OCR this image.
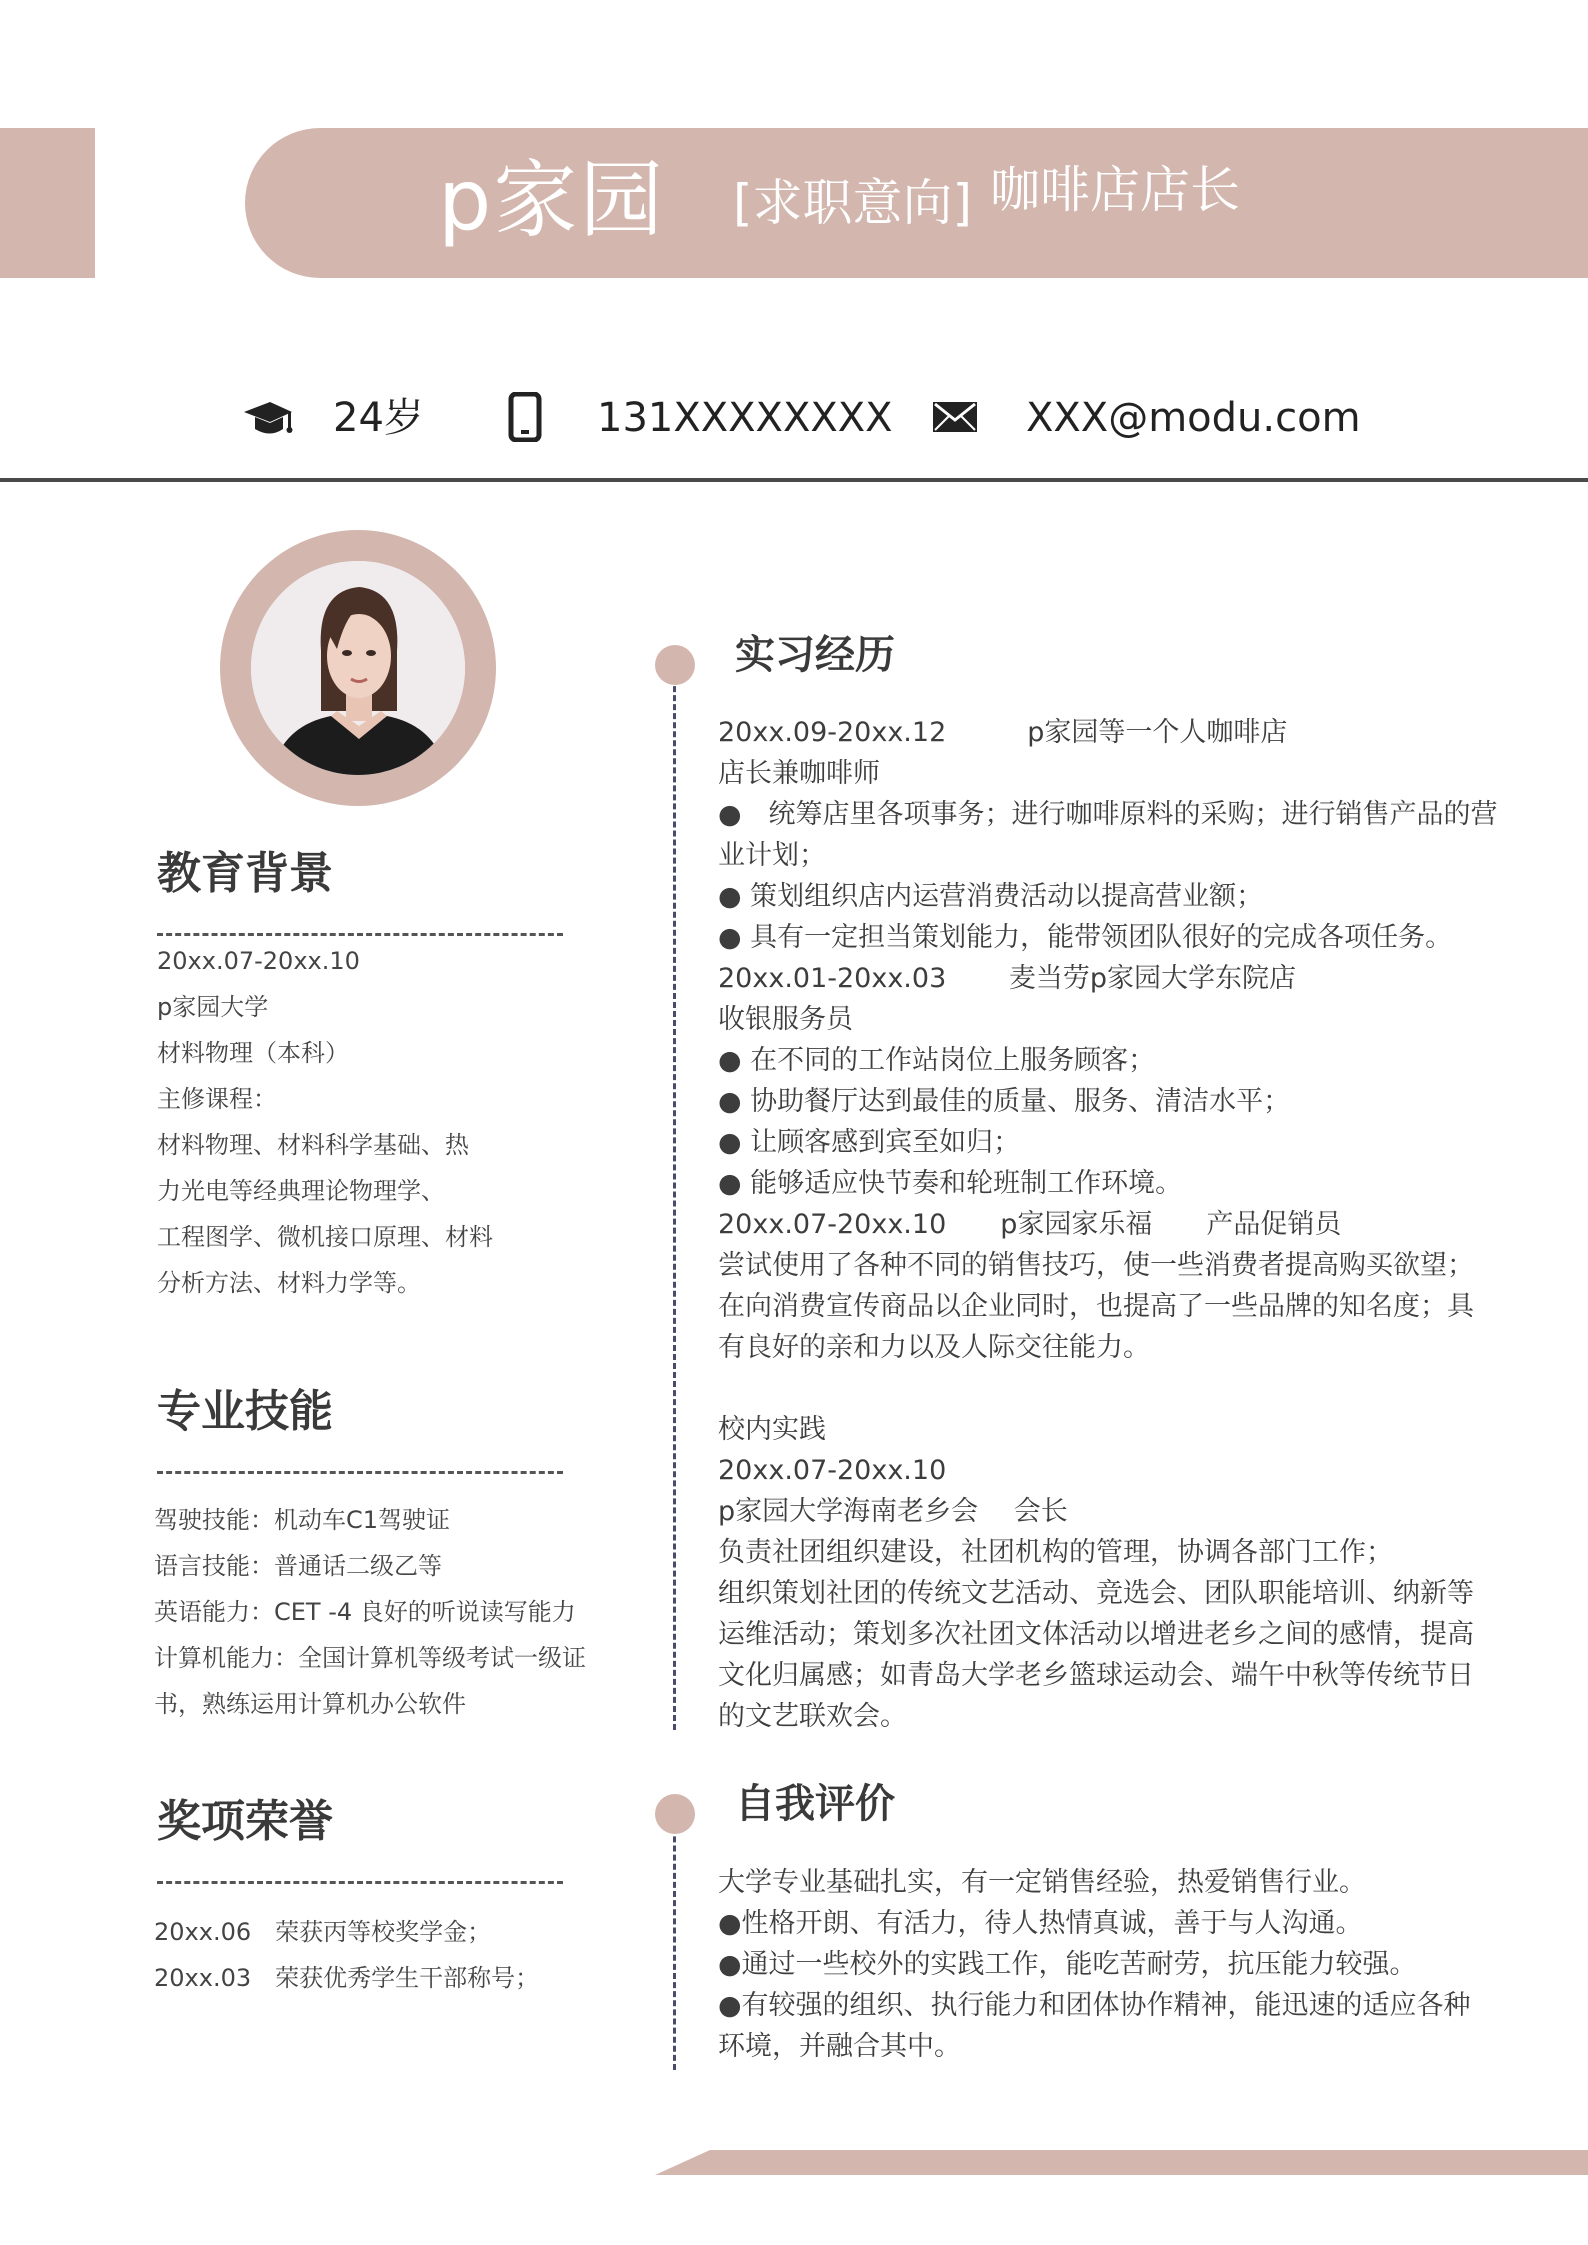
p家园 [求职意向] 咖啡店店长
24岁	131XXXXXXXX	XXX@modu.com
教育背景
20xx.07-20xx.10
p家园大学
材料物理（本科）
主修课程：
材料物理、材料科学基础、热
力光电等经典理论物理学、
工程图学、微机接口原理、材料
分析方法、材料力学等。
专业技能
驾驶技能：机动车C1驾驶证
语言技能：普通话二级乙等
英语能力：CET -4 良好的听说读写能力
计算机能力：全国计算机等级考试一级证
书，熟练运用计算机办公软件
奖项荣誉
20xx.06　荣获丙等校奖学金；
20xx.03　荣获优秀学生干部称号；
实习经历
20xx.09-20xx.12　　　p家园等一个人咖啡店
店长兼咖啡师
●　统筹店里各项事务；进行咖啡原料的采购；进行销售产品的营
业计划；
● 策划组织店内运营消费活动以提高营业额；
● 具有一定担当策划能力，能带领团队很好的完成各项任务。
20xx.01-20xx.03　　 麦当劳p家园大学东院店
收银服务员
● 在不同的工作站岗位上服务顾客；
● 协助餐厅达到最佳的质量、服务、清洁水平；
● 让顾客感到宾至如归；
● 能够适应快节奏和轮班制工作环境。
20xx.07-20xx.10　　p家园家乐福　　产品促销员
尝试使用了各种不同的销售技巧，使一些消费者提高购买欲望；
在向消费宣传商品以企业同时，也提高了一些品牌的知名度；具
有良好的亲和力以及人际交往能力。
校内实践
20xx.07-20xx.10
p家园大学海南老乡会　 会长
负责社团组织建设，社团机构的管理，协调各部门工作；
组织策划社团的传统文艺活动、竞选会、团队职能培训、纳新等
运维活动；策划多次社团文体活动以增进老乡之间的感情，提高
文化归属感；如青岛大学老乡篮球运动会、端午中秋等传统节日
的文艺联欢会。
自我评价
大学专业基础扎实，有一定销售经验，热爱销售行业。
●性格开朗、有活力，待人热情真诚，善于与人沟通。
●通过一些校外的实践工作，能吃苦耐劳，抗压能力较强。
●有较强的组织、执行能力和团体协作精神，能迅速的适应各种
环境，并融合其中。
